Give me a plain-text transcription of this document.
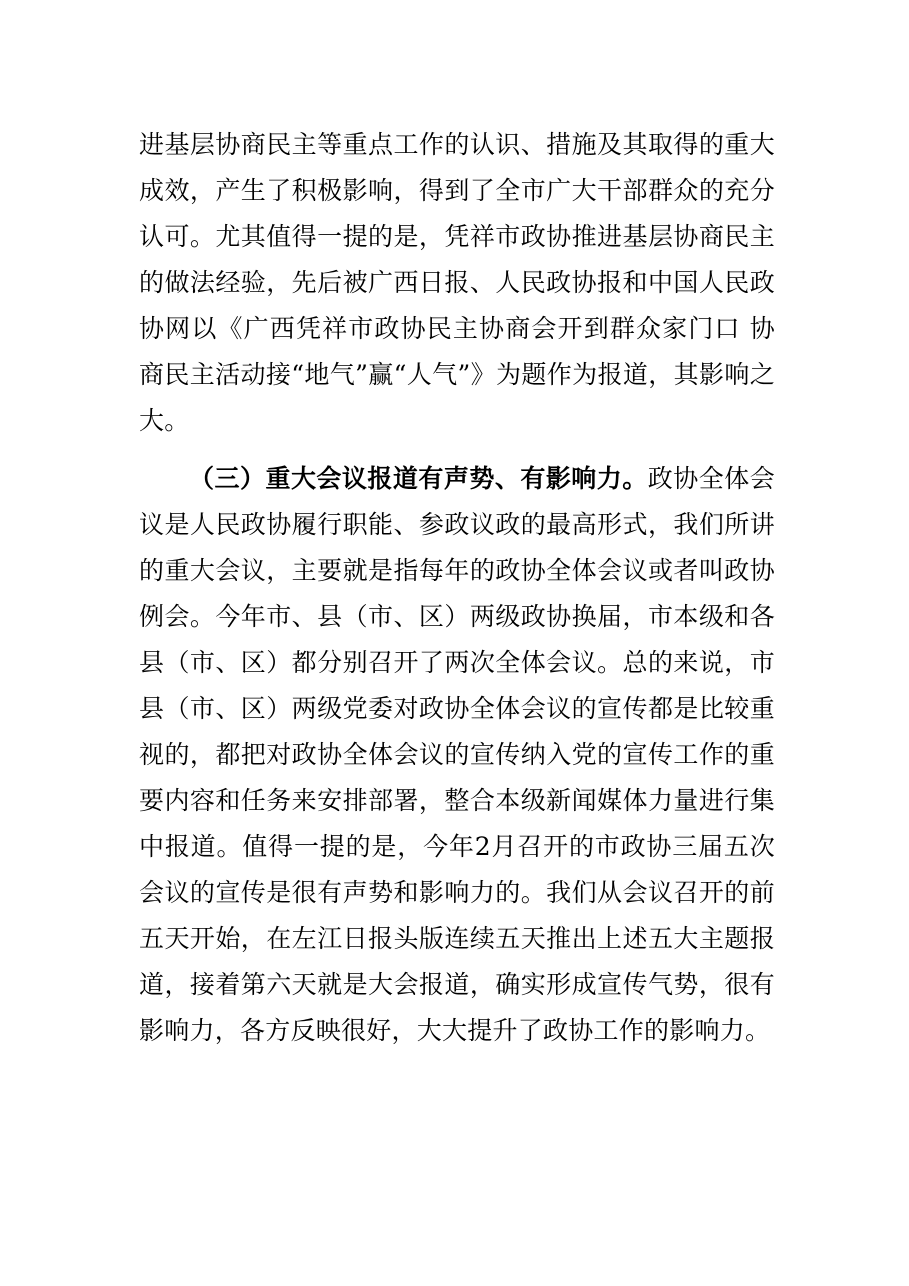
进基层协商民主等重点工作的认识、措施及其取得的重大成效，产生了积极影响，得到了全市广大干部群众的充分认可。尤其值得一提的是，凭祥市政协推进基层协商民主的做法经验，先后被广西日报、人民政协报和中国人民政协网以《广西凭祥市政协民主协商会开到群众家门口 协商民主活动接“地气”赢“人气”》为题作为报道，其影响之大。

（三）重大会议报道有声势、有影响力。政协全体会议是人民政协履行职能、参政议政的最高形式，我们所讲的重大会议，主要就是指每年的政协全体会议或者叫政协例会。今年市、县（市、区）两级政协换届，市本级和各县（市、区）都分别召开了两次全体会议。总的来说，市县（市、区）两级党委对政协全体会议的宣传都是比较重视的，都把对政协全体会议的宣传纳入党的宣传工作的重要内容和任务来安排部署，整合本级新闻媒体力量进行集中报道。值得一提的是，今年2月召开的市政协三届五次会议的宣传是很有声势和影响力的。我们从会议召开的前五天开始，在左江日报头版连续五天推出上述五大主题报道，接着第六天就是大会报道，确实形成宣传气势，很有影响力，各方反映很好，大大提升了政协工作的影响力。
